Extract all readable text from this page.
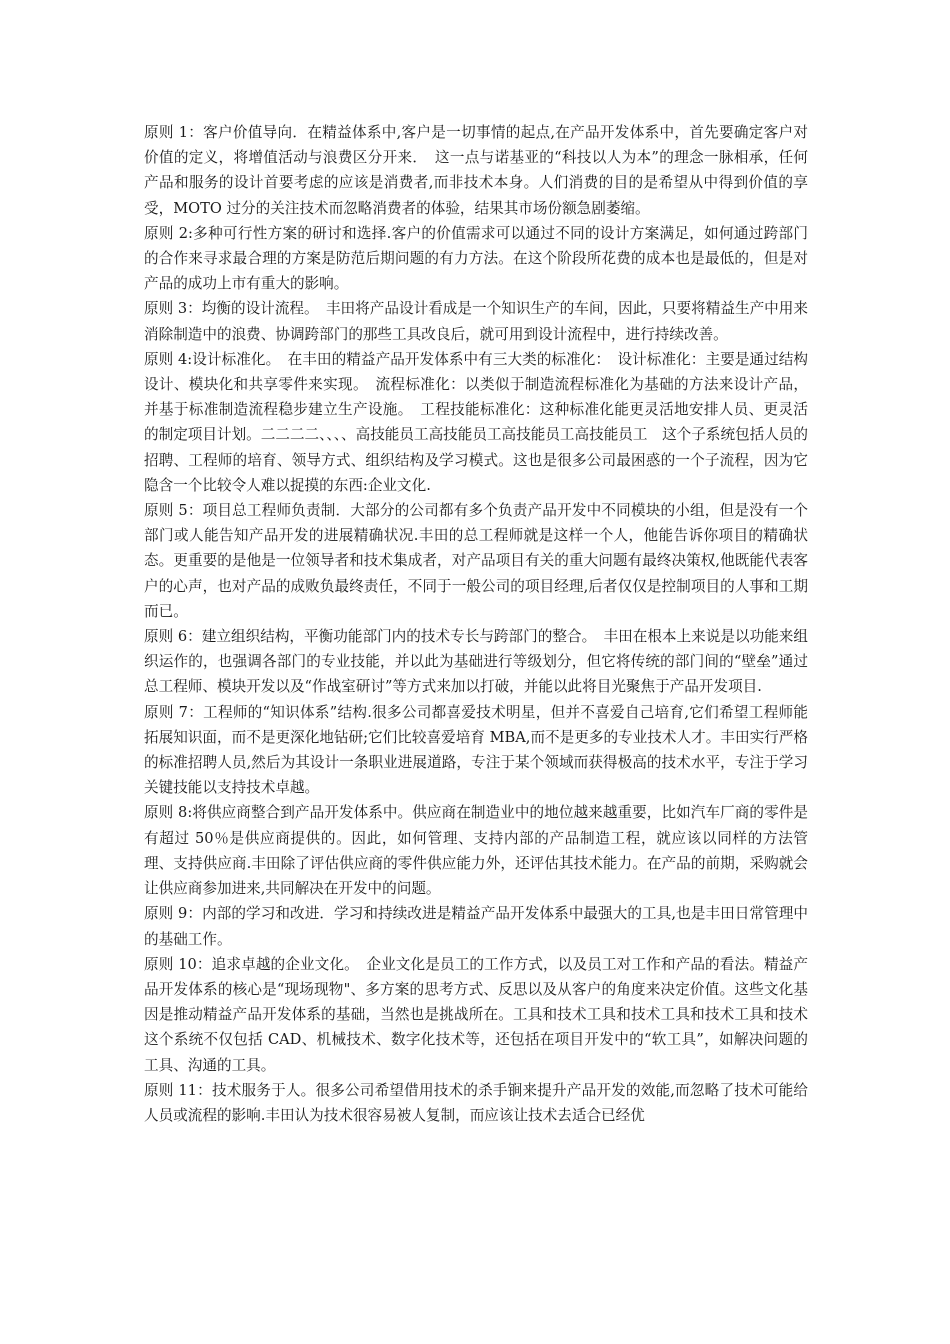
原则 1：客户价值导向．在精益体系中,客户是一切事情的起点,在产品开发体系中，首先要确定客户对价值的定义，将增值活动与浪费区分开来．　这一点与诺基亚的“科技以人为本”的理念一脉相承，任何产品和服务的设计首要考虑的应该是消费者,而非技术本身。人们消费的目的是希望从中得到价值的享受，MOTO 过分的关注技术而忽略消费者的体验，结果其市场份额急剧萎缩。

原则 2:多种可行性方案的研讨和选择.客户的价值需求可以通过不同的设计方案满足，如何通过跨部门的合作来寻求最合理的方案是防范后期问题的有力方法。在这个阶段所花费的成本也是最低的，但是对产品的成功上市有重大的影响。

原则 3：均衡的设计流程。　丰田将产品设计看成是一个知识生产的车间，因此，只要将精益生产中用来消除制造中的浪费、协调跨部门的那些工具改良后，就可用到设计流程中，进行持续改善。

原则 4:设计标准化。　在丰田的精益产品开发体系中有三大类的标准化：　设计标准化：主要是通过结构设计、模块化和共享零件来实现。　流程标准化：以类似于制造流程标准化为基础的方法来设计产品，并基于标准制造流程稳步建立生产设施。　工程技能标准化：这种标准化能更灵活地安排人员、更灵活的制定项目计划。二二二二、、、、高技能员工高技能员工高技能员工高技能员工　这个子系统包括人员的招聘、工程师的培育、领导方式、组织结构及学习模式。这也是很多公司最困惑的一个子流程，因为它隐含一个比较令人难以捉摸的东西:企业文化.

原则 5：项目总工程师负责制．大部分的公司都有多个负责产品开发中不同模块的小组，但是没有一个部门或人能告知产品开发的进展精确状况.丰田的总工程师就是这样一个人，他能告诉你项目的精确状态。更重要的是他是一位领导者和技术集成者，对产品项目有关的重大问题有最终决策权,他既能代表客户的心声，也对产品的成败负最终责任，不同于一般公司的项目经理,后者仅仅是控制项目的人事和工期而已。

原则 6：建立组织结构，平衡功能部门内的技术专长与跨部门的整合。　丰田在根本上来说是以功能来组织运作的，也强调各部门的专业技能，并以此为基础进行等级划分，但它将传统的部门间的“壁垒”通过总工程师、模块开发以及“作战室研讨”等方式来加以打破，并能以此将目光聚焦于产品开发项目.

原则 7：工程师的“知识体系”结构.很多公司都喜爱技术明星，但并不喜爱自己培育,它们希望工程师能拓展知识面，而不是更深化地钻研;它们比较喜爱培育 MBA,而不是更多的专业技术人才。丰田实行严格的标准招聘人员,然后为其设计一条职业进展道路，专注于某个领域而获得极高的技术水平，专注于学习关键技能以支持技术卓越。

原则 8:将供应商整合到产品开发体系中。供应商在制造业中的地位越来越重要，比如汽车厂商的零件是有超过 50％是供应商提供的。因此，如何管理、支持内部的产品制造工程，就应该以同样的方法管理、支持供应商.丰田除了评估供应商的零件供应能力外，还评估其技术能力。在产品的前期，采购就会让供应商参加进来,共同解决在开发中的问题。

原则 9：内部的学习和改进．学习和持续改进是精益产品开发体系中最强大的工具,也是丰田日常管理中的基础工作。

原则 10：追求卓越的企业文化。　企业文化是员工的工作方式，以及员工对工作和产品的看法。精益产品开发体系的核心是“现场现物"、多方案的思考方式、反思以及从客户的角度来决定价值。这些文化基因是推动精益产品开发体系的基础，当然也是挑战所在。工具和技术工具和技术工具和技术工具和技术　这个系统不仅包括 CAD、机械技术、数字化技术等，还包括在项目开发中的“软工具”，如解决问题的工具、沟通的工具。

原则 11：技术服务于人。很多公司希望借用技术的杀手锏来提升产品开发的效能,而忽略了技术可能给人员或流程的影响.丰田认为技术很容易被人复制，而应该让技术去适合已经优
